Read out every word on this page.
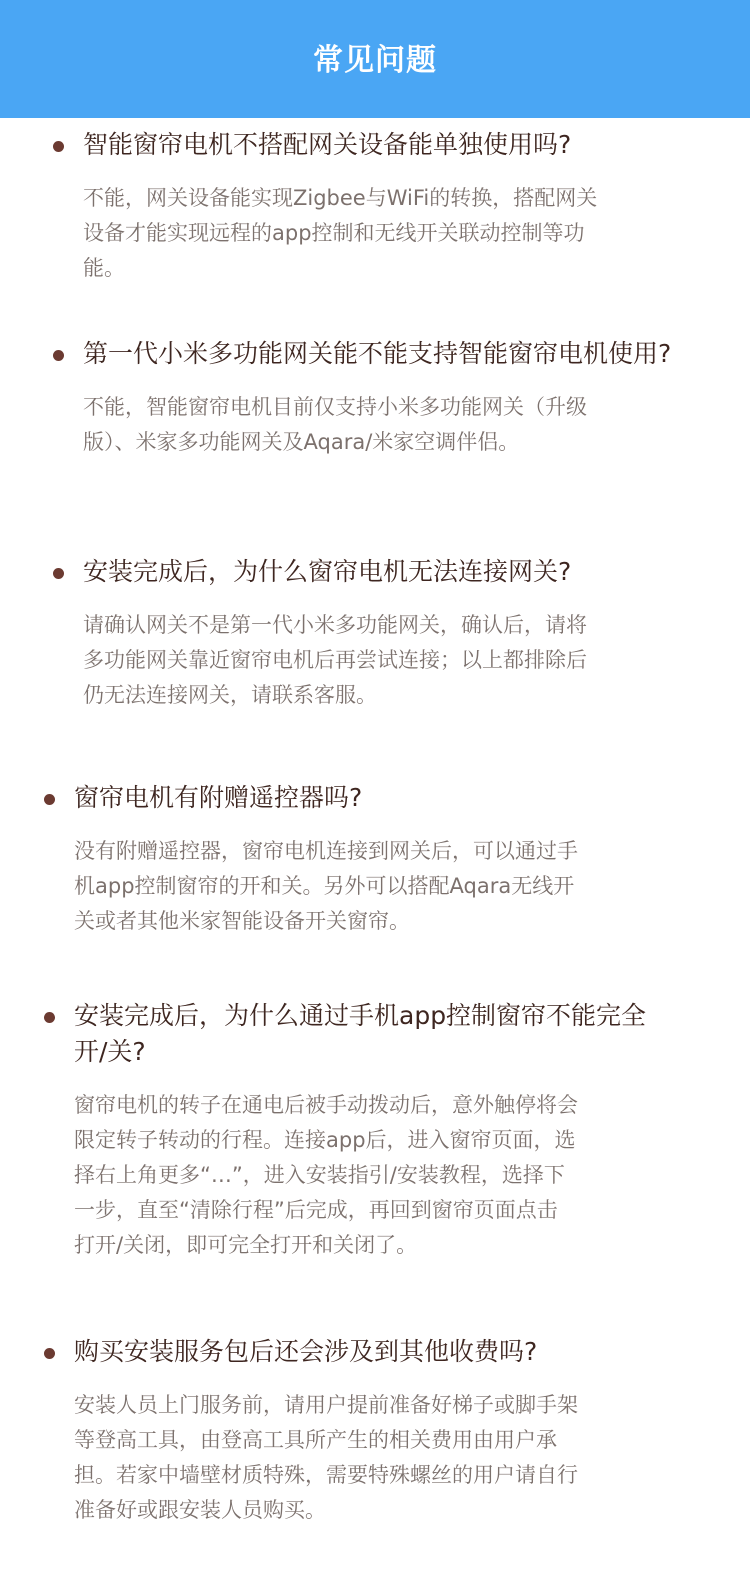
常见问题
智能窗帘电机不搭配网关设备能单独使用吗?
不能，网关设备能实现Zigbee与WiFi的转换，搭配网关
设备才能实现远程的app控制和无线开关联动控制等功
能。
第一代小米多功能网关能不能支持智能窗帘电机使用?
不能，智能窗帘电机目前仅支持小米多功能网关（升级
版）、米家多功能网关及Aqara/米家空调伴侣。
安装完成后，为什么窗帘电机无法连接网关?
请确认网关不是第一代小米多功能网关，确认后，请将
多功能网关靠近窗帘电机后再尝试连接；以上都排除后
仍无法连接网关，请联系客服。
窗帘电机有附赠遥控器吗?
没有附赠遥控器，窗帘电机连接到网关后，可以通过手
机app控制窗帘的开和关。另外可以搭配Aqara无线开
关或者其他米家智能设备开关窗帘。
安装完成后，为什么通过手机app控制窗帘不能完全开/关?
窗帘电机的转子在通电后被手动拨动后，意外触停将会
限定转子转动的行程。连接app后，进入窗帘页面，选
择右上角更多“…”，进入安装指引/安装教程，选择下
一步，直至“清除行程”后完成，再回到窗帘页面点击
打开/关闭，即可完全打开和关闭了。
购买安装服务包后还会涉及到其他收费吗?
安装人员上门服务前，请用户提前准备好梯子或脚手架
等登高工具，由登高工具所产生的相关费用由用户承
担。若家中墙壁材质特殊，需要特殊螺丝的用户请自行
准备好或跟安装人员购买。
